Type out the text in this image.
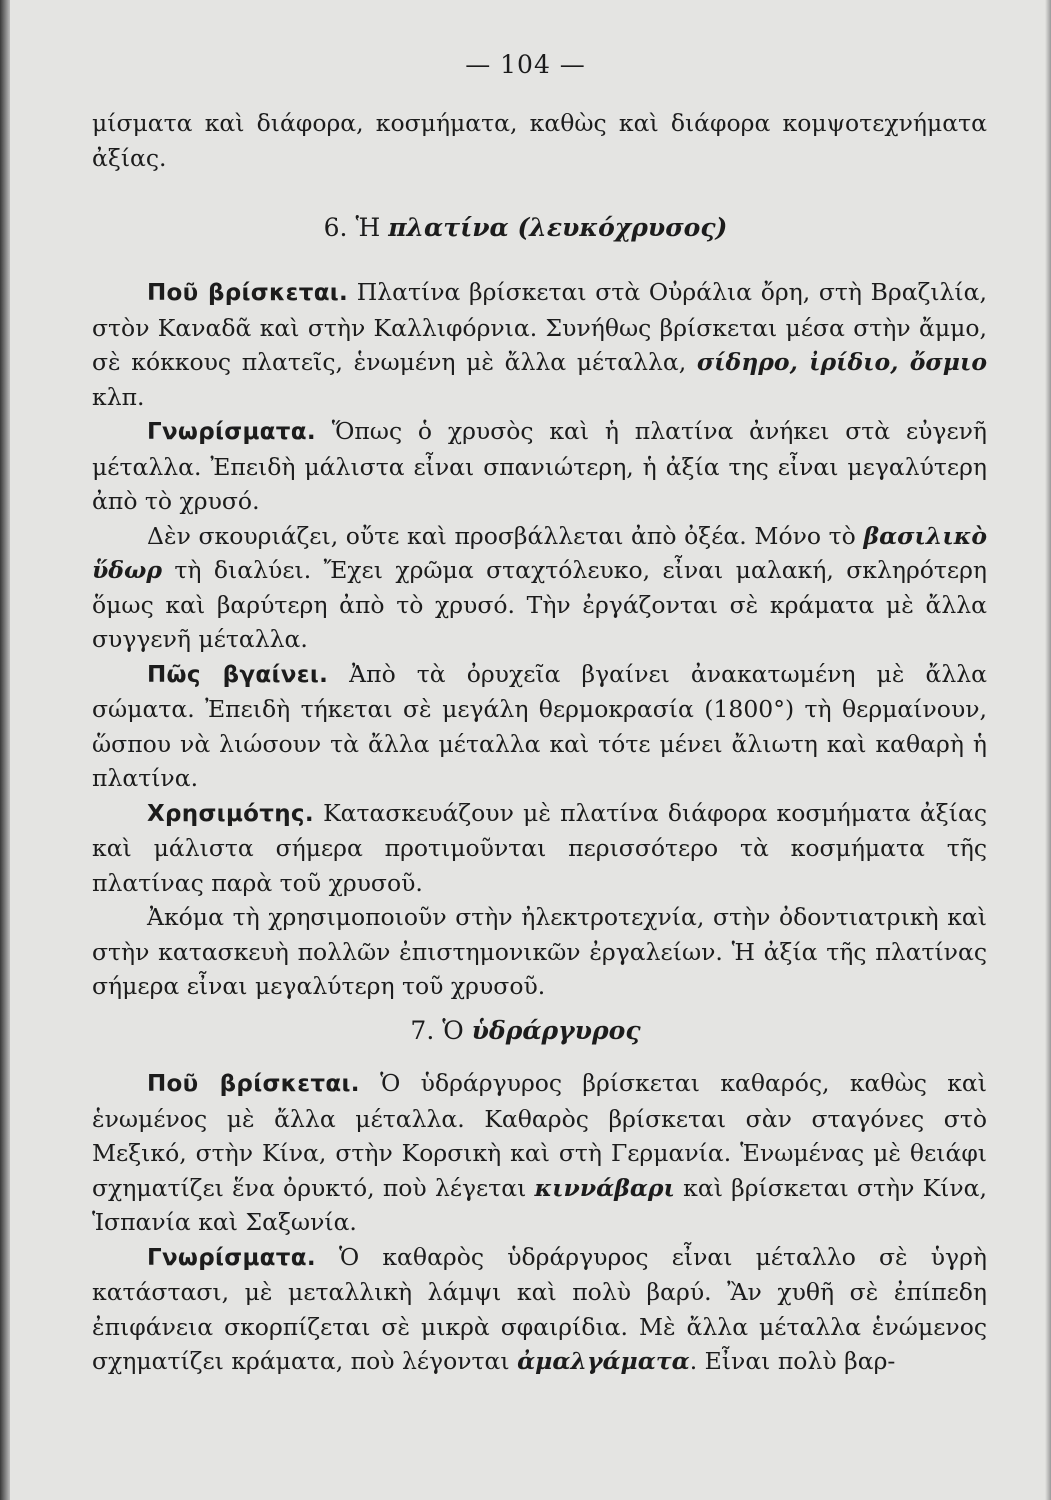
— 104 —

μίσματα καὶ διάφορα, κοσμήματα, καθὼς καὶ διάφορα κομψοτεχνήματα ἀξίας.

6. Ἡ πλατίνα (λευκόχρυσος)

Ποῦ βρίσκεται. Πλατίνα βρίσκεται στὰ Οὐράλια ὄρη, στὴ Βραζιλία, στὸν Καναδᾶ καὶ στὴν Καλλιφόρνια. Συνήθως βρίσκεται μέσα στὴν ἄμμο, σὲ κόκκους πλατεῖς, ἑνωμένη μὲ ἄλλα μέταλλα, σίδηρο, ἰρίδιο, ὄσμιο κλπ.

Γνωρίσματα. Ὅπως ὁ χρυσὸς καὶ ἡ πλατίνα ἀνήκει στὰ εὐγενῆ μέταλλα. Ἐπειδὴ μάλιστα εἶναι σπανιώτερη, ἡ ἀξία της εἶναι μεγαλύτερη ἀπὸ τὸ χρυσό.

Δὲν σκουριάζει, οὔτε καὶ προσβάλλεται ἀπὸ ὀξέα. Μόνο τὸ βασιλικὸ ὕδωρ τὴ διαλύει. Ἔχει χρῶμα σταχτόλευκο, εἶναι μαλακή, σκληρότερη ὅμως καὶ βαρύτερη ἀπὸ τὸ χρυσό. Τὴν ἐργάζονται σὲ κράματα μὲ ἄλλα συγγενῆ μέταλλα.

Πῶς βγαίνει. Ἀπὸ τὰ ὀρυχεῖα βγαίνει ἀνακατωμένη μὲ ἄλλα σώματα. Ἐπειδὴ τήκεται σὲ μεγάλη θερμοκρασία (1800°) τὴ θερμαίνουν, ὥσπου νὰ λιώσουν τὰ ἄλλα μέταλλα καὶ τότε μένει ἄλιωτη καὶ καθαρὴ ἡ πλατίνα.

Χρησιμότης. Κατασκευάζουν μὲ πλατίνα διάφορα κοσμήματα ἀξίας καὶ μάλιστα σήμερα προτιμοῦνται περισσότερο τὰ κοσμήματα τῆς πλατίνας παρὰ τοῦ χρυσοῦ.

Ἀκόμα τὴ χρησιμοποιοῦν στὴν ἠλεκτροτεχνία, στὴν ὀδοντιατρικὴ καὶ στὴν κατασκευὴ πολλῶν ἐπιστημονικῶν ἐργαλείων. Ἡ ἀξία τῆς πλατίνας σήμερα εἶναι μεγαλύτερη τοῦ χρυσοῦ.

7. Ὁ ὑδράργυρος

Ποῦ βρίσκεται. Ὁ ὑδράργυρος βρίσκεται καθαρός, καθὼς καὶ ἑνωμένος μὲ ἄλλα μέταλλα. Καθαρὸς βρίσκεται σὰν σταγόνες στὸ Μεξικό, στὴν Κίνα, στὴν Κορσικὴ καὶ στὴ Γερμανία. Ἑνωμένας μὲ θειάφι σχηματίζει ἕνα ὀρυκτό, ποὺ λέγεται κιννάβαρι καὶ βρίσκεται στὴν Κίνα, Ἱσπανία καὶ Σαξωνία.

Γνωρίσματα. Ὁ καθαρὸς ὑδράργυρος εἶναι μέταλλο σὲ ὑγρὴ κατάστασι, μὲ μεταλλικὴ λάμψι καὶ πολὺ βαρύ. Ἂν χυθῆ σὲ ἐπίπεδη ἐπιφάνεια σκορπίζεται σὲ μικρὰ σφαιρίδια. Μὲ ἄλλα μέταλλα ἑνώμενος σχηματίζει κράματα, ποὺ λέγονται ἀμαλγάματα. Εἶναι πολὺ βαρ-
